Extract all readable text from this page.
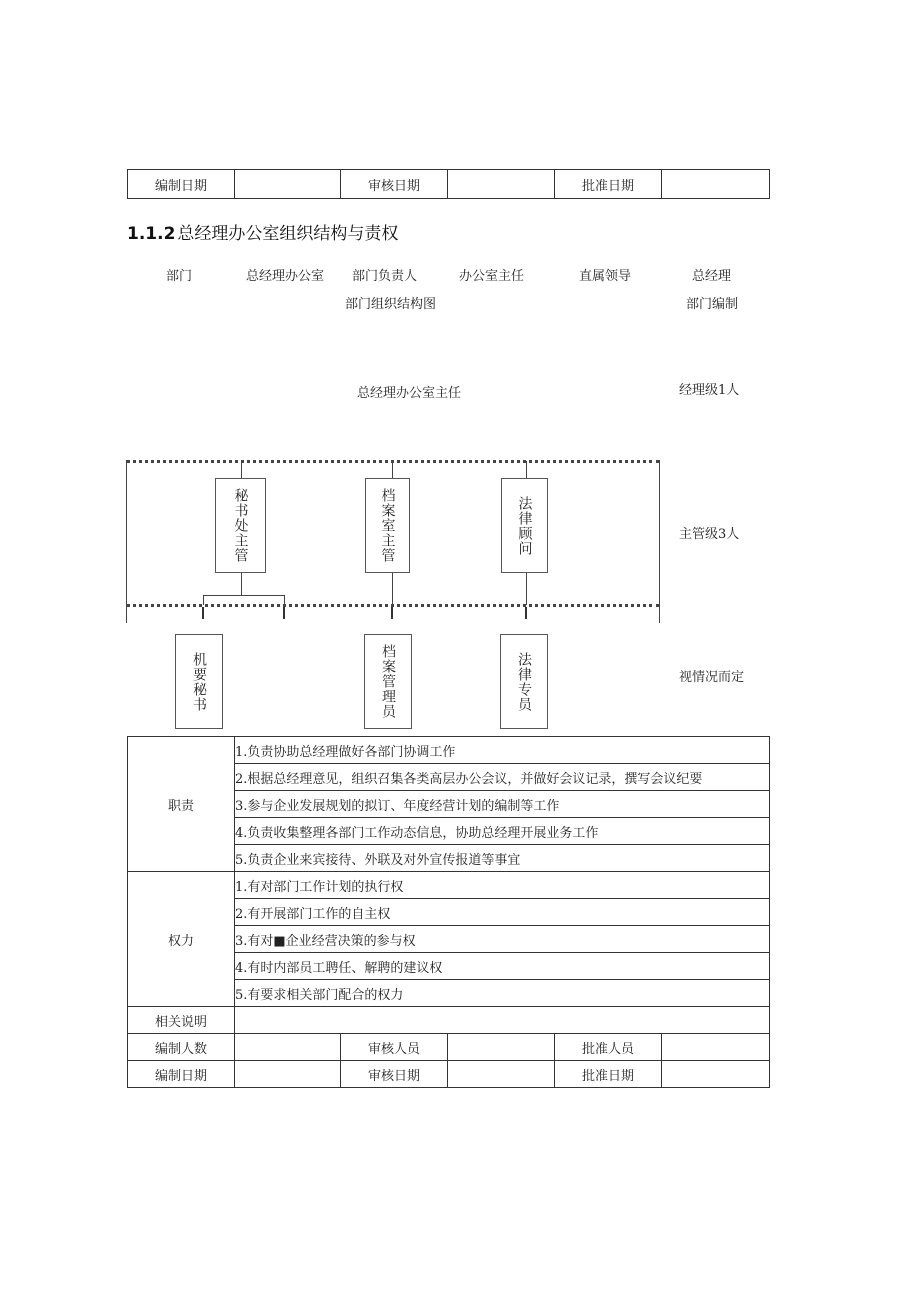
编制日期		审核日期		批准日期	
1.1.2 总经理办公室组织结构与责权
部门	总经理办公室 部门负责人	办公室主任	直属领导	总经理
部门组织结构图	部门编制
总经理办公室主任	经理级1人
秘书处主管	档案室主管	法律顾问	主管级3人
机要秘书	档案管理员	法律专员	视情况而定
职责	1.负责协助总经理做好各部门协调工作				
	2.根据总经理意见，组织召集各类高层办公会议，并做好会议记录，撰写会议纪要				
	3.参与企业发展规划的拟订、年度经营计划的编制等工作				
	4.负责收集整理各部门工作动态信息，协助总经理开展业务工作				
	5.负责企业来宾接待、外联及对外宣传报道等事宜				
权力	1.有对部门工作计划的执行权				
	2.有开展部门工作的自主权				
	3.有对■企业经营决策的参与权				
	4.有时内部员工聘任、解聘的建议权				
	5.有要求相关部门配合的权力				
相关说明					
编制人数		审核人员		批准人员	
编制日期		审核日期		批准日期	
